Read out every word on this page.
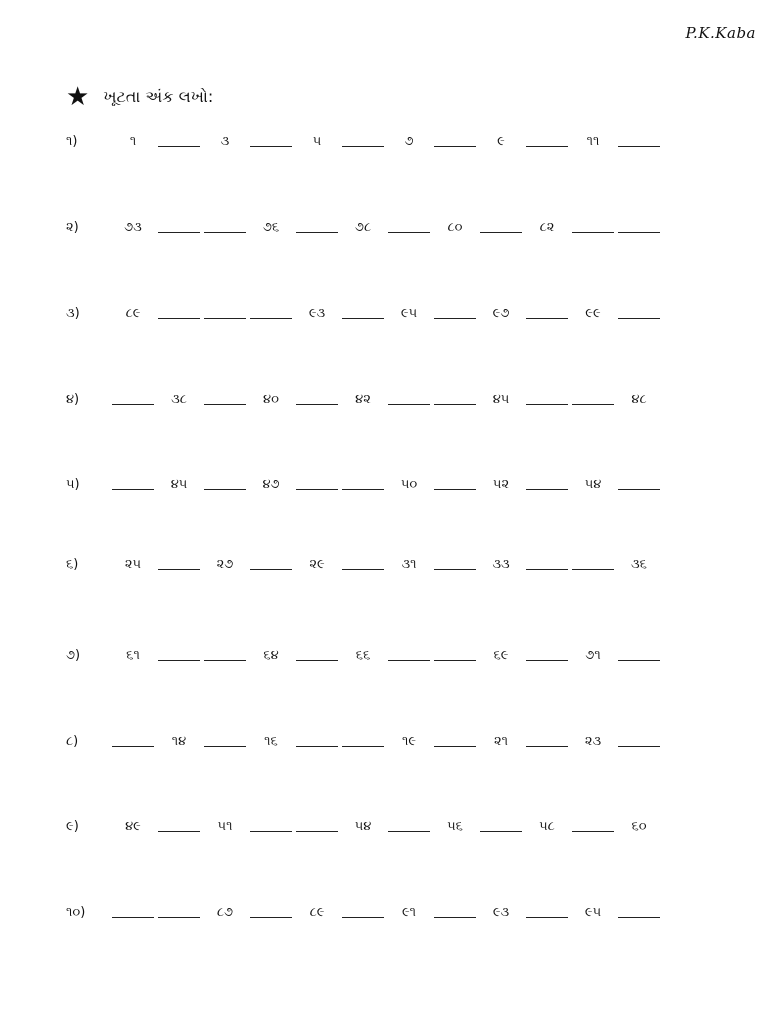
P.K.Kaba
★ ખૂટતા અંક લખો:
૧)	૧	૩	૫	૭	૯	૧૧
૨)	૭૩	૭૬	૭૮	૮૦	૮૨
૩)	૮૯	૯૩	૯૫	૯૭	૯૯
૪)	૩૮	૪૦	૪૨	૪૫	૪૮
૫)	૪૫	૪૭	૫૦	૫૨	૫૪
૬)	૨૫	૨૭	૨૯	૩૧	૩૩	૩૬
૭)	૬૧	૬૪	૬૬	૬૯	૭૧
૮)	૧૪	૧૬	૧૯	૨૧	૨૩
૯)	૪૯	૫૧	૫૪	૫૬	૫૮	૬૦
૧૦)	૮૭	૮૯	૯૧	૯૩	૯૫
